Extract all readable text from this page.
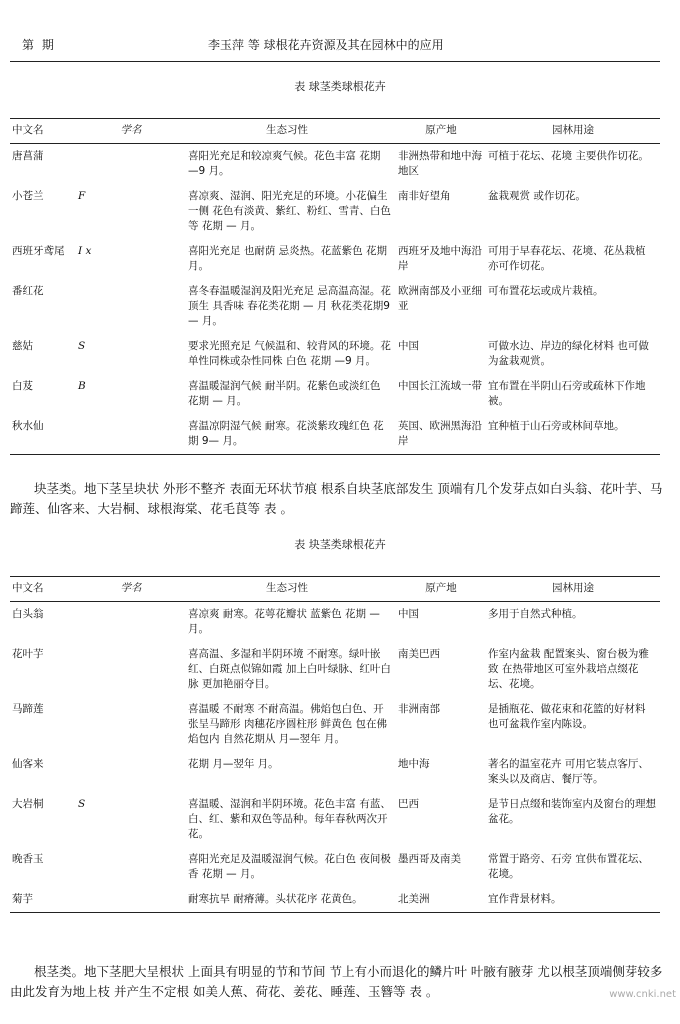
第 期	李玉萍 等 球根花卉资源及其在园林中的应用
表 球茎类球根花卉
中文名	学名	生态习性	原产地	园林用途
唐菖蒲		喜阳光充足和较凉爽气候。花色丰富 花期 —9 月。	非洲热带和地中海地区	可植于花坛、花境 主要供作切花。
小苍兰	F	喜凉爽、湿润、阳光充足的环境。小花偏生一侧 花色有淡黄、紫红、粉红、雪青、白色等 花期 — 月。	南非好望角	盆栽观赏 或作切花。
西班牙鸢尾	I x	喜阳光充足 也耐荫 忌炎热。花蓝紫色 花期 月。	西班牙及地中海沿岸	可用于早春花坛、花境、花丛栽植 亦可作切花。
番红花		喜冬春温暖湿润及阳光充足 忌高温高湿。花顶生 具香味 春花类花期 — 月 秋花类花期9— 月。	欧洲南部及小亚细亚	可布置花坛或成片栽植。
慈姑	S	要求光照充足 气候温和、较背风的环境。花单性同株或杂性同株 白色 花期 —9 月。	中国	可做水边、岸边的绿化材料 也可做为盆栽观赏。
白芨	B	喜温暖湿润气候 耐半阴。花紫色或淡红色 花期 — 月。	中国长江流域一带	宜布置在半阴山石旁或疏林下作地被。
秋水仙		喜温凉阴湿气候 耐寒。花淡紫玫瑰红色 花期 9— 月。	英国、欧洲黑海沿岸	宜种植于山石旁或林间草地。

块茎类。地下茎呈块状 外形不整齐 表面无环状节痕 根系自块茎底部发生 顶端有几个发芽点如白头翁、花叶芋、马蹄莲、仙客来、大岩桐、球根海棠、花毛茛等 表 。

表 块茎类球根花卉
中文名	学名	生态习性	原产地	园林用途
白头翁		喜凉爽 耐寒。花萼花瓣状 蓝紫色 花期 — 月。	中国	多用于自然式种植。
花叶芋		喜高温、多湿和半阴环境 不耐寒。绿叶嵌红、白斑点似锦如霞 加上白叶绿脉、红叶白脉 更加艳丽夺目。	南美巴西	作室内盆栽 配置案头、窗台极为雅致 在热带地区可室外栽培点缀花坛、花境。
马蹄莲		喜温暖 不耐寒 不耐高温。佛焰包白色、开张呈马蹄形 肉穗花序圆柱形 鲜黄色 包在佛焰包内 自然花期从 月—翌年 月。	非洲南部	是插瓶花、做花束和花篮的好材料 也可盆栽作室内陈设。
仙客来		花期 月—翌年 月。	地中海	著名的温室花卉 可用它装点客厅、案头以及商店、餐厅等。
大岩桐	S	喜温暖、湿润和半阴环境。花色丰富 有蓝、白、红、紫和双色等品种。每年春秋两次开花。	巴西	是节日点缀和装饰室内及窗台的理想盆花。
晚香玉		喜阳光充足及温暖湿润气候。花白色 夜间极香 花期 — 月。	墨西哥及南美	常置于路旁、石旁 宜供布置花坛、花境。
菊芋		耐寒抗旱 耐瘠薄。头状花序 花黄色。	北美洲	宜作背景材料。

根茎类。地下茎肥大呈根状 上面具有明显的节和节间 节上有小而退化的鳞片叶 叶腋有腋芽 尤以根茎顶端侧芽较多 由此发育为地上枝 并产生不定根 如美人蕉、荷花、姜花、睡莲、玉簪等 表 。	www.cnki.net
